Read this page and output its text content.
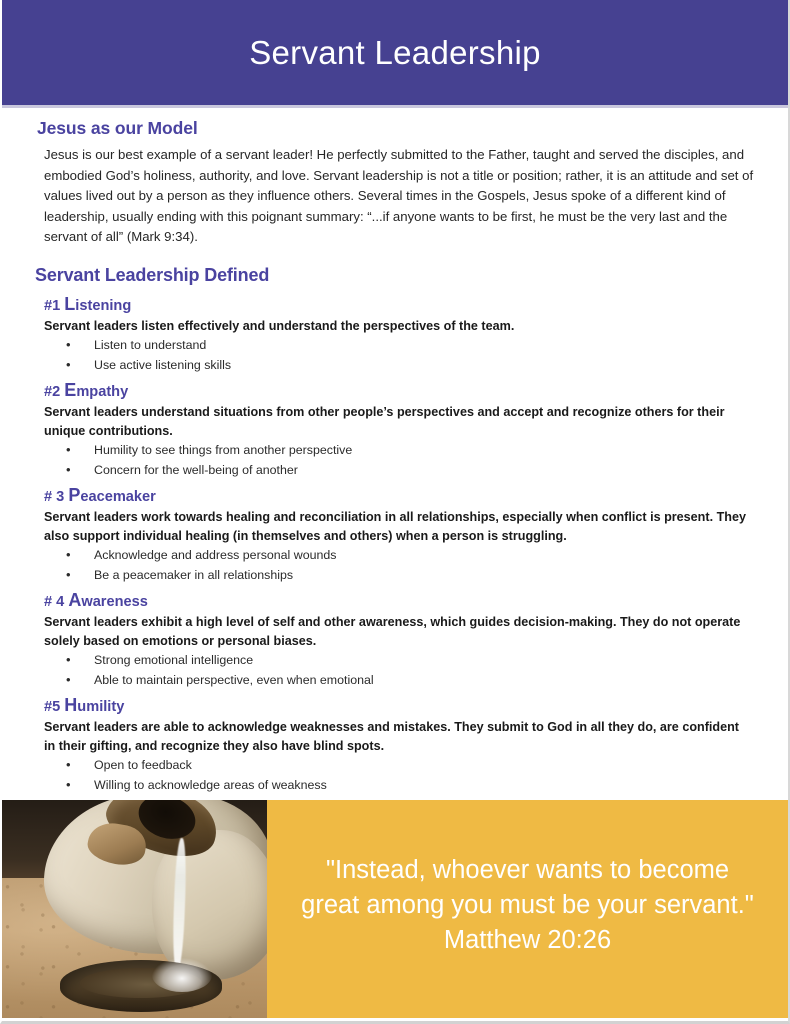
Servant Leadership
Jesus as our Model

Jesus is our best example of a servant leader! He perfectly submitted to the Father, taught and served the disciples, and embodied God’s holiness, authority, and love. Servant leadership is not a title or position; rather, it is an attitude and set of values lived out by a person as they influence others. Several times in the Gospels, Jesus spoke of a different kind of leadership, usually ending with this poignant summary: “...if anyone wants to be first, he must be the very last and the servant of all” (Mark 9:34).

Servant Leadership Defined
#1 Listening
Servant leaders listen effectively and understand the perspectives of the team.
• Listen to understand
• Use active listening skills
#2 Empathy
Servant leaders understand situations from other people’s perspectives and accept and recognize others for their unique contributions.
• Humility to see things from another perspective
• Concern for the well-being of another
# 3 Peacemaker
Servant leaders work towards healing and reconciliation in all relationships, especially when conflict is present. They also support individual healing (in themselves and others) when a person is struggling.
• Acknowledge and address personal wounds
• Be a peacemaker in all relationships
# 4 Awareness
Servant leaders exhibit a high level of self and other awareness, which guides decision-making. They do not operate solely based on emotions or personal biases.
• Strong emotional intelligence
• Able to maintain perspective, even when emotional
#5 Humility
Servant leaders are able to acknowledge weaknesses and mistakes. They submit to God in all they do, are confident in their gifting, and recognize they also have blind spots.
• Open to feedback
• Willing to acknowledge areas of weakness
"Instead, whoever wants to become
great among you must be your servant."
Matthew 20:26
